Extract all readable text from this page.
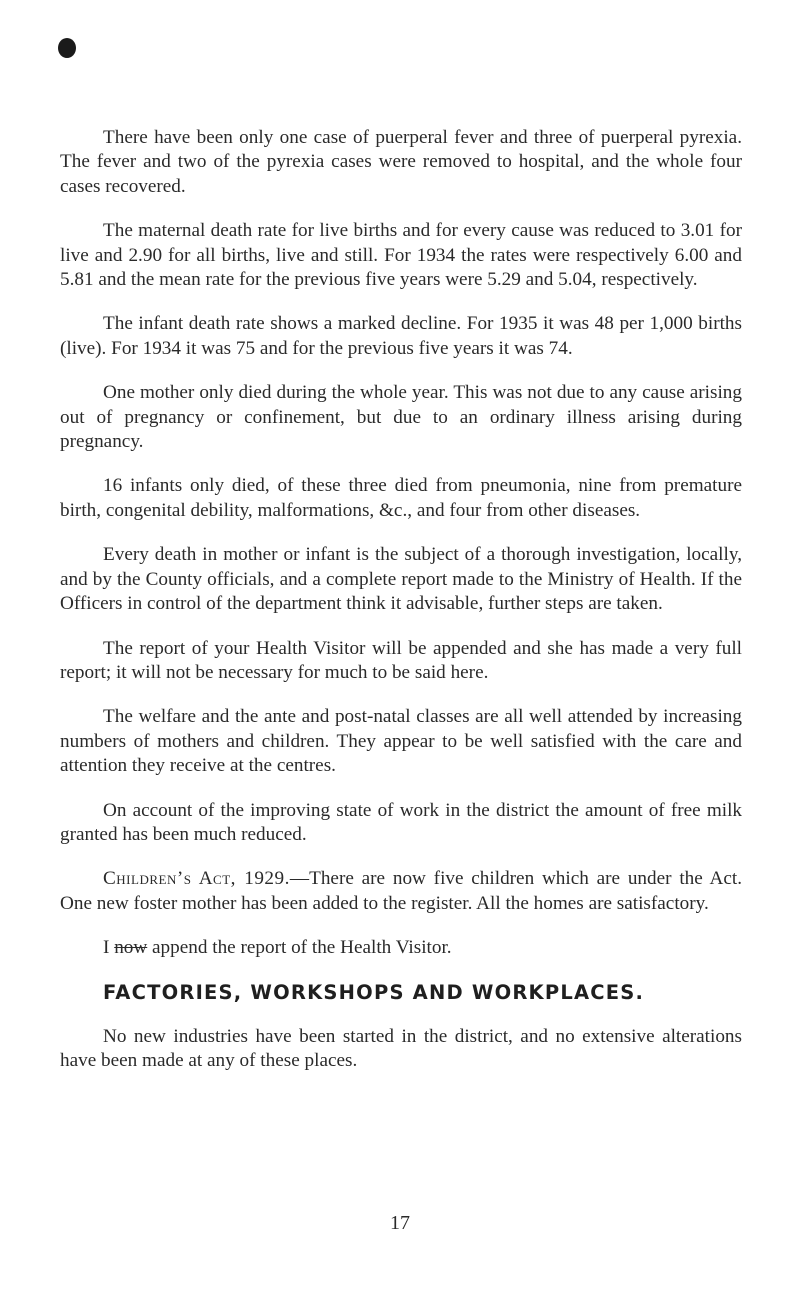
There have been only one case of puerperal fever and three of puerperal pyrexia. The fever and two of the pyrexia cases were removed to hospital, and the whole four cases recovered.

The maternal death rate for live births and for every cause was reduced to 3.01 for live and 2.90 for all births, live and still. For 1934 the rates were respectively 6.00 and 5.81 and the mean rate for the previous five years were 5.29 and 5.04, respectively.

The infant death rate shows a marked decline. For 1935 it was 48 per 1,000 births (live). For 1934 it was 75 and for the previous five years it was 74.

One mother only died during the whole year. This was not due to any cause arising out of pregnancy or confinement, but due to an ordinary illness arising during pregnancy.

16 infants only died, of these three died from pneumonia, nine from premature birth, congenital debility, malformations, &c., and four from other diseases.

Every death in mother or infant is the subject of a thorough investigation, locally, and by the County officials, and a complete report made to the Ministry of Health. If the Officers in control of the department think it advisable, further steps are taken.

The report of your Health Visitor will be appended and she has made a very full report; it will not be necessary for much to be said here.

The welfare and the ante and post-natal classes are all well attended by increasing numbers of mothers and children. They appear to be well satisfied with the care and attention they receive at the centres.

On account of the improving state of work in the district the amount of free milk granted has been much reduced.

Children’s Act, 1929.—There are now five children which are under the Act. One new foster mother has been added to the register. All the homes are satisfactory.

I now append the report of the Health Visitor.

FACTORIES, WORKSHOPS AND WORKPLACES.

No new industries have been started in the district, and no extensive alterations have been made at any of these places.

17
